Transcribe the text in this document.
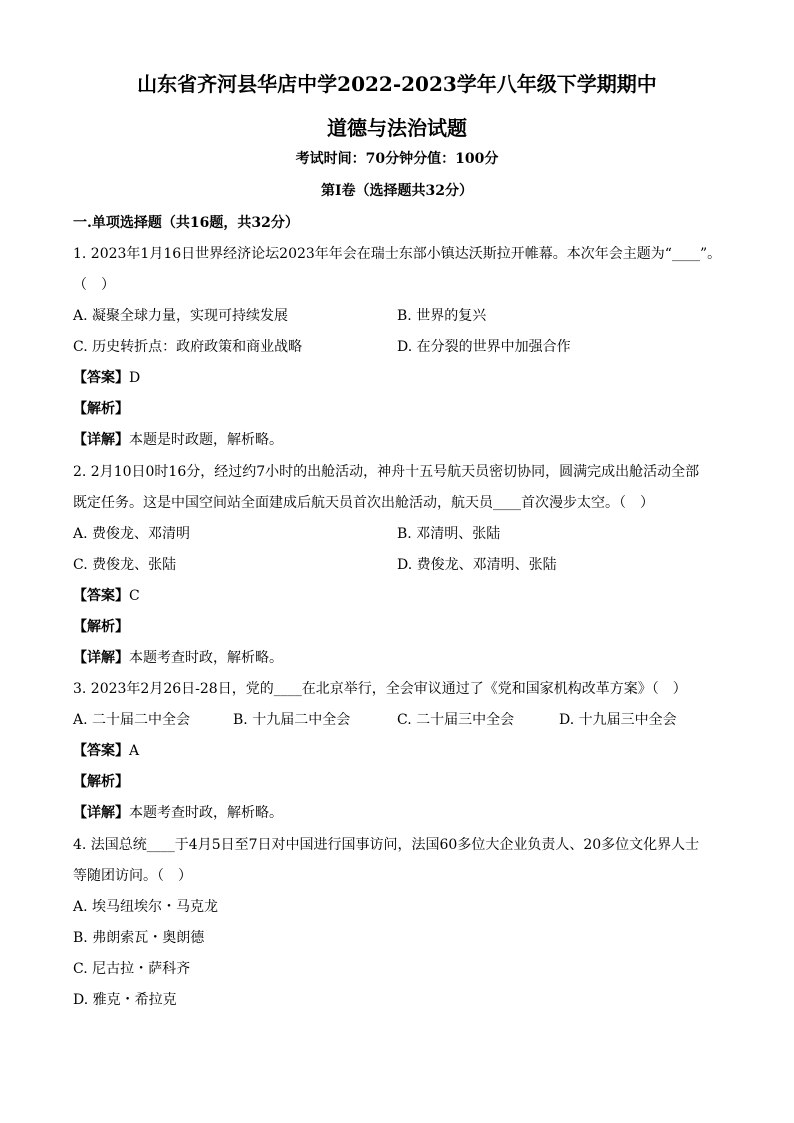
山东省齐河县华店中学2022-2023学年八年级下学期期中
道德与法治试题
考试时间：70分钟分值：100分
第Ⅰ卷（选择题共32分）
一.单项选择题（共16题，共32分）
1. 2023年1月16日世界经济论坛2023年年会在瑞士东部小镇达沃斯拉开帷幕。本次年会主题为“____”。
（　）
A. 凝聚全球力量，实现可持续发展	B. 世界的复兴
C. 历史转折点：政府政策和商业战略	D. 在分裂的世界中加强合作
【答案】D
【解析】
【详解】本题是时政题，解析略。
2. 2月10日0时16分，经过约7小时的出舱活动，神舟十五号航天员密切协同，圆满完成出舱活动全部
既定任务。这是中国空间站全面建成后航天员首次出舱活动，航天员____首次漫步太空。（　）
A. 费俊龙、邓清明	B. 邓清明、张陆
C. 费俊龙、张陆	D. 费俊龙、邓清明、张陆
【答案】C
【解析】
【详解】本题考查时政，解析略。
3. 2023年2月26日-28日，党的____在北京举行，全会审议通过了《党和国家机构改革方案》（　）
A. 二十届二中全会	B. 十九届二中全会	C. 二十届三中全会	D. 十九届三中全会
【答案】A
【解析】
【详解】本题考查时政，解析略。
4. 法国总统____于4月5日至7日对中国进行国事访问，法国60多位大企业负责人、20多位文化界人士
等随团访问。（　）
A. 埃马纽埃尔・马克龙
B. 弗朗索瓦・奥朗德
C. 尼古拉・萨科齐
D. 雅克・希拉克
